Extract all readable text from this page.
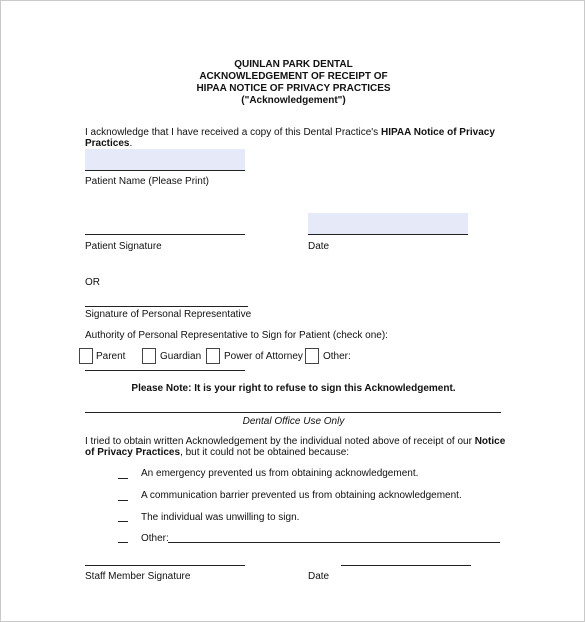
QUINLAN PARK DENTAL
ACKNOWLEDGEMENT OF RECEIPT OF
HIPAA NOTICE OF PRIVACY PRACTICES
("Acknowledgement")
I acknowledge that I have received a copy of this Dental Practice's HIPAA Notice of Privacy
Practices.
Patient Name (Please Print)
Patient Signature	Date
OR
Signature of Personal Representative
Authority of Personal Representative to Sign for Patient (check one):
Parent	Guardian Power of Attorney Other:
Please Note: It is your right to refuse to sign this Acknowledgement.
Dental Office Use Only
I tried to obtain written Acknowledgement by the individual noted above of receipt of our Notice
of Privacy Practices, but it could not be obtained because:
An emergency prevented us from obtaining acknowledgement.
A communication barrier prevented us from obtaining acknowledgement.
The individual was unwilling to sign.
Other:
Staff Member Signature	Date
